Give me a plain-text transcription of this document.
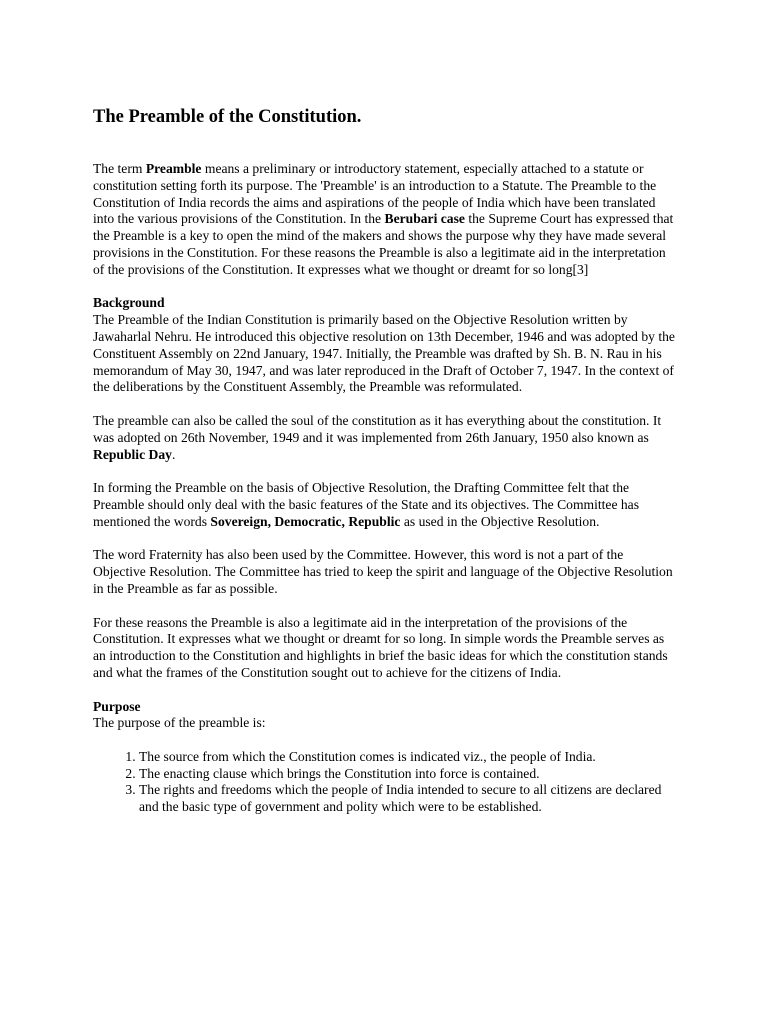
The Preamble of the Constitution.

The term Preamble means a preliminary or introductory statement, especially attached to a statute or constitution setting forth its purpose. The 'Preamble' is an introduction to a Statute. The Preamble to the Constitution of India records the aims and aspirations of the people of India which have been translated into the various provisions of the Constitution. In the Berubari case the Supreme Court has expressed that the Preamble is a key to open the mind of the makers and shows the purpose why they have made several provisions in the Constitution. For these reasons the Preamble is also a legitimate aid in the interpretation of the provisions of the Constitution. It expresses what we thought or dreamt for so long[3]

Background
The Preamble of the Indian Constitution is primarily based on the Objective Resolution written by Jawaharlal Nehru. He introduced this objective resolution on 13th December, 1946 and was adopted by the Constituent Assembly on 22nd January, 1947. Initially, the Preamble was drafted by Sh. B. N. Rau in his memorandum of May 30, 1947, and was later reproduced in the Draft of October 7, 1947. In the context of the deliberations by the Constituent Assembly, the Preamble was reformulated.

The preamble can also be called the soul of the constitution as it has everything about the constitution. It was adopted on 26th November, 1949 and it was implemented from 26th January, 1950 also known as Republic Day.

In forming the Preamble on the basis of Objective Resolution, the Drafting Committee felt that the Preamble should only deal with the basic features of the State and its objectives. The Committee has mentioned the words Sovereign, Democratic, Republic as used in the Objective Resolution.

The word Fraternity has also been used by the Committee. However, this word is not a part of the Objective Resolution. The Committee has tried to keep the spirit and language of the Objective Resolution in the Preamble as far as possible.

For these reasons the Preamble is also a legitimate aid in the interpretation of the provisions of the Constitution. It expresses what we thought or dreamt for so long. In simple words the Preamble serves as an introduction to the Constitution and highlights in brief the basic ideas for which the constitution stands and what the frames of the Constitution sought out to achieve for the citizens of India.

Purpose
The purpose of the preamble is:
1. The source from which the Constitution comes is indicated viz., the people of India.
2. The enacting clause which brings the Constitution into force is contained.
3. The rights and freedoms which the people of India intended to secure to all citizens are declared and the basic type of government and polity which were to be established.
